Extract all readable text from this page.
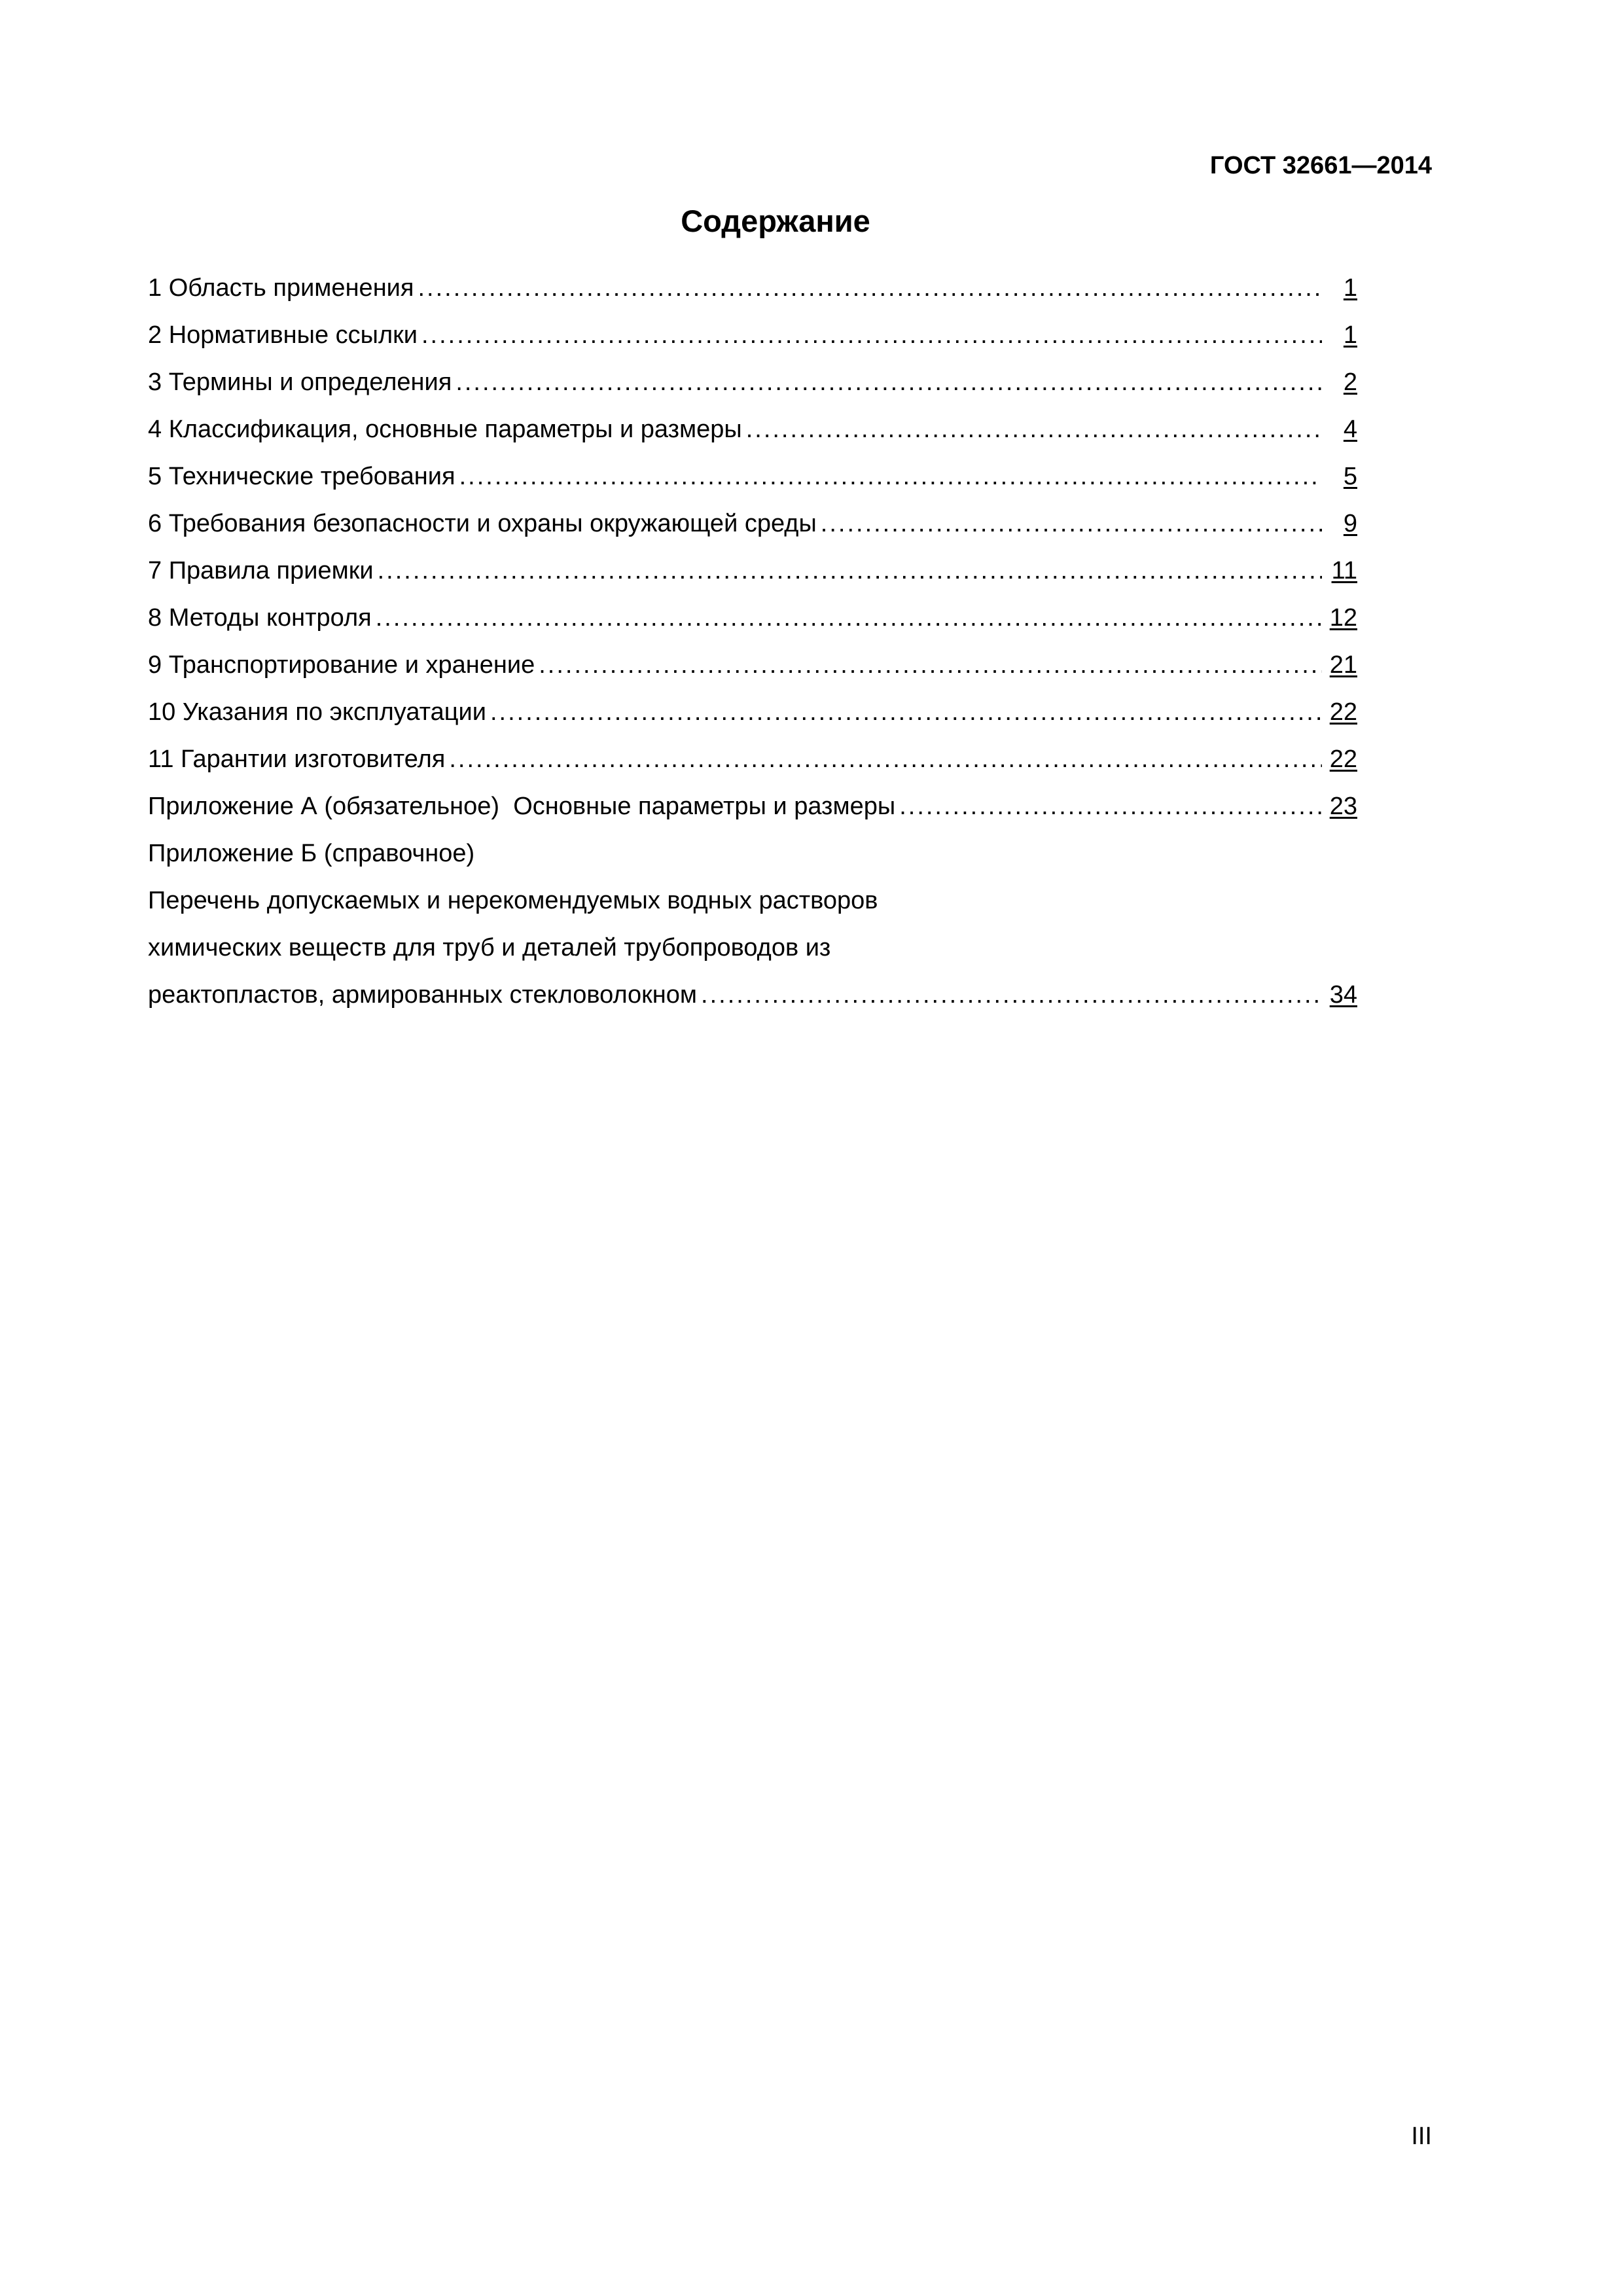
ГОСТ 32661—2014
Содержание
1 Область применения .....	1
2 Нормативные ссылки .....	1
3 Термины и определения .....	2
4 Классификация, основные параметры и размеры .....	4
5 Технические требования .....	5
6 Требования безопасности и охраны окружающей среды .....	9
7 Правила приемки .....	11
8 Методы контроля .....	12
9 Транспортирование и хранение .....	21
10 Указания по эксплуатации .....	22
11 Гарантии изготовителя .....	22
Приложение А (обязательное)  Основные параметры и размеры .....	23
Приложение Б (справочное)
Перечень допускаемых и нерекомендуемых водных растворов
химических веществ для труб и деталей трубопроводов из
реактопластов, армированных стекловолокном .....	34
III
